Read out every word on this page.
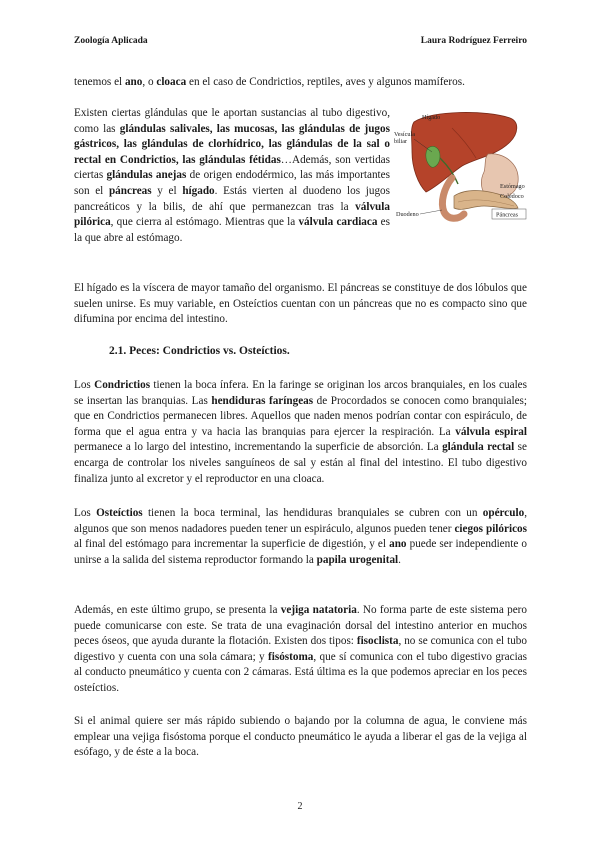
Zoología Aplicada	Laura Rodríguez Ferreiro

tenemos el ano, o cloaca en el caso de Condrictios, reptiles, aves y algunos mamíferos.

Existen ciertas glándulas que le aportan sustancias al tubo digestivo, como las glándulas salivales, las mucosas, las glándulas de jugos gástricos, las glándulas de clorhídrico, las glándulas de la sal o rectal en Condrictios, las glándulas fétidas…Además, son vertidas ciertas glándulas anejas de origen endodérmico, las más importantes son el páncreas y el hígado. Estás vierten al duodeno los jugos pancreáticos y la bilis, de ahí que permanezcan tras la válvula pilórica, que cierra al estómago. Mientras que la válvula cardiaca es la que abre al estómago.

Hígado
Vesícula
biliar
Estómago
Colédoco
Duodeno	Páncreas

El hígado es la víscera de mayor tamaño del organismo. El páncreas se constituye de dos lóbulos que suelen unirse. Es muy variable, en Osteíctios cuentan con un páncreas que no es compacto sino que difumina por encima del intestino.

2.1. Peces: Condrictios vs. Osteíctios.

Los Condrictios tienen la boca ínfera. En la faringe se originan los arcos branquiales, en los cuales se insertan las branquias. Las hendiduras faríngeas de Procordados se conocen como branquiales; que en Condrictios permanecen libres. Aquellos que naden menos podrían contar con espiráculo, de forma que el agua entra y va hacia las branquias para ejercer la respiración. La válvula espiral permanece a lo largo del intestino, incrementando la superficie de absorción. La glándula rectal se encarga de controlar los niveles sanguíneos de sal y están al final del intestino. El tubo digestivo finaliza junto al excretor y el reproductor en una cloaca.

Los Osteíctios tienen la boca terminal, las hendiduras branquiales se cubren con un opérculo, algunos que son menos nadadores pueden tener un espiráculo, algunos pueden tener ciegos pilóricos al final del estómago para incrementar la superficie de digestión, y el ano puede ser independiente o unirse a la salida del sistema reproductor formando la papila urogenital.

Además, en este último grupo, se presenta la vejiga natatoria. No forma parte de este sistema pero puede comunicarse con este. Se trata de una evaginación dorsal del intestino anterior en muchos peces óseos, que ayuda durante la flotación. Existen dos tipos: fisoclista, no se comunica con el tubo digestivo y cuenta con una sola cámara; y fisóstoma, que sí comunica con el tubo digestivo gracias al conducto pneumático y cuenta con 2 cámaras. Está última es la que podemos apreciar en los peces osteíctios.

Si el animal quiere ser más rápido subiendo o bajando por la columna de agua, le conviene más emplear una vejiga fisóstoma porque el conducto pneumático le ayuda a liberar el gas de la vejiga al esófago, y de éste a la boca.

2
